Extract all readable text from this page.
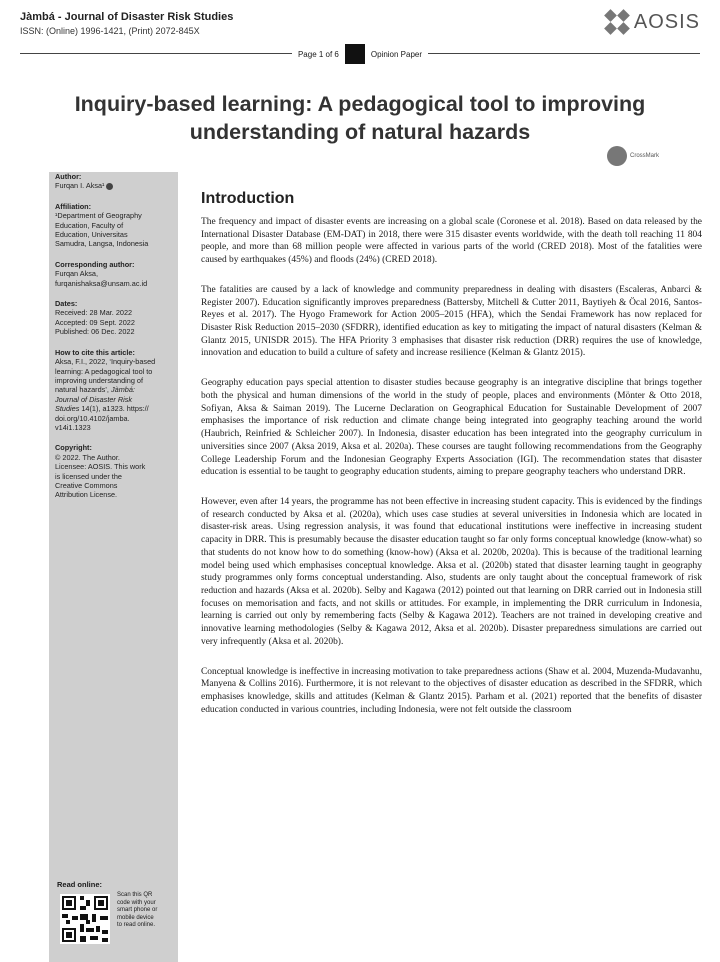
Jàmbá - Journal of Disaster Risk Studies
ISSN: (Online) 1996-1421, (Print) 2072-845X	AOSIS
Page 1 of 6	Opinion Paper
Inquiry-based learning: A pedagogical tool to improving understanding of natural hazards
CrossMark
Author:
Furqan I. Aksa¹
Affiliation:
¹Department of Geography
Education, Faculty of
Education, Universitas
Samudra, Langsa, Indonesia
Corresponding author:
Furqan Aksa,
furqanishaksa@unsam.ac.id
Dates:
Received: 28 Mar. 2022
Accepted: 09 Sept. 2022
Published: 06 Dec. 2022
How to cite this article:
Aksa, F.I., 2022, ‘Inquiry-based
learning: A pedagogical tool to
improving understanding of
natural hazards’, Jàmbá:
Journal of Disaster Risk
Studies 14(1), a1323. https://
doi.org/10.4102/jamba.
v14i1.1323
Copyright:
© 2022. The Author.
Licensee: AOSIS. This work
is licensed under the
Creative Commons
Attribution License.
Read online:
Scan this QR
code with your
smart phone or
mobile device
to read online.
Introduction

The frequency and impact of disaster events are increasing on a global scale (Coronese et al. 2018). Based on data released by the International Disaster Database (EM-DAT) in 2018, there were 315 disaster events worldwide, with the death toll reaching 11 804 people, and more than 68 million people were affected in various parts of the world (CRED 2018). Most of the fatalities were caused by earthquakes (45%) and floods (24%) (CRED 2018).

The fatalities are caused by a lack of knowledge and community preparedness in dealing with disasters (Escaleras, Anbarci & Register 2007). Education significantly improves preparedness (Battersby, Mitchell & Cutter 2011, Baytiyeh & Öcal 2016, Santos-Reyes et al. 2017). The Hyogo Framework for Action 2005–2015 (HFA), which the Sendai Framework has now replaced for Disaster Risk Reduction 2015–2030 (SFDRR), identified education as key to mitigating the impact of natural disasters (Kelman & Glantz 2015, UNISDR 2015). The HFA Priority 3 emphasises that disaster risk reduction (DRR) requires the use of knowledge, innovation and education to build a culture of safety and increase resilience (Kelman & Glantz 2015).

Geography education pays special attention to disaster studies because geography is an integrative discipline that brings together both the physical and human dimensions of the world in the study of people, places and environments (Mönter & Otto 2018, Sofiyan, Aksa & Saiman 2019). The Lucerne Declaration on Geographical Education for Sustainable Development of 2007 emphasises the importance of risk reduction and climate change being integrated into geography teaching around the world (Haubrich, Reinfried & Schleicher 2007). In Indonesia, disaster education has been integrated into the geography curriculum in universities since 2007 (Aksa 2019, Aksa et al. 2020a). These courses are taught following recommendations from the Geography College Leadership Forum and the Indonesian Geography Experts Association (IGI). The recommendation states that disaster education is essential to be taught to geography education students, aiming to prepare geography teachers who understand DRR.

However, even after 14 years, the programme has not been effective in increasing student capacity. This is evidenced by the findings of research conducted by Aksa et al. (2020a), which uses case studies at several universities in Indonesia which are located in disaster-risk areas. Using regression analysis, it was found that educational institutions were ineffective in increasing student capacity in DRR. This is presumably because the disaster education taught so far only forms conceptual knowledge (know-what) so that students do not know how to do something (know-how) (Aksa et al. 2020b, 2020a). This is because of the traditional learning model being used which emphasises conceptual knowledge. Aksa et al. (2020b) stated that disaster learning taught in geography study programmes only forms conceptual understanding. Also, students are only taught about the conceptual framework of risk reduction and hazards (Aksa et al. 2020b). Selby and Kagawa (2012) pointed out that learning on DRR carried out in Indonesia still focuses on memorisation and facts, and not skills or attitudes. For example, in implementing the DRR curriculum in Indonesia, learning is carried out only by remembering facts (Selby & Kagawa 2012). Teachers are not trained in developing creative and innovative learning methodologies (Selby & Kagawa 2012, Aksa et al. 2020b). Disaster preparedness simulations are carried out very infrequently (Aksa et al. 2020b).

Conceptual knowledge is ineffective in increasing motivation to take preparedness actions (Shaw et al. 2004, Muzenda-Mudavanhu, Manyena & Collins 2016). Furthermore, it is not relevant to the objectives of disaster education as described in the SFDRR, which emphasises knowledge, skills and attitudes (Kelman & Glantz 2015). Parham et al. (2021) reported that the benefits of disaster education conducted in various countries, including Indonesia, were not felt outside the classroom
